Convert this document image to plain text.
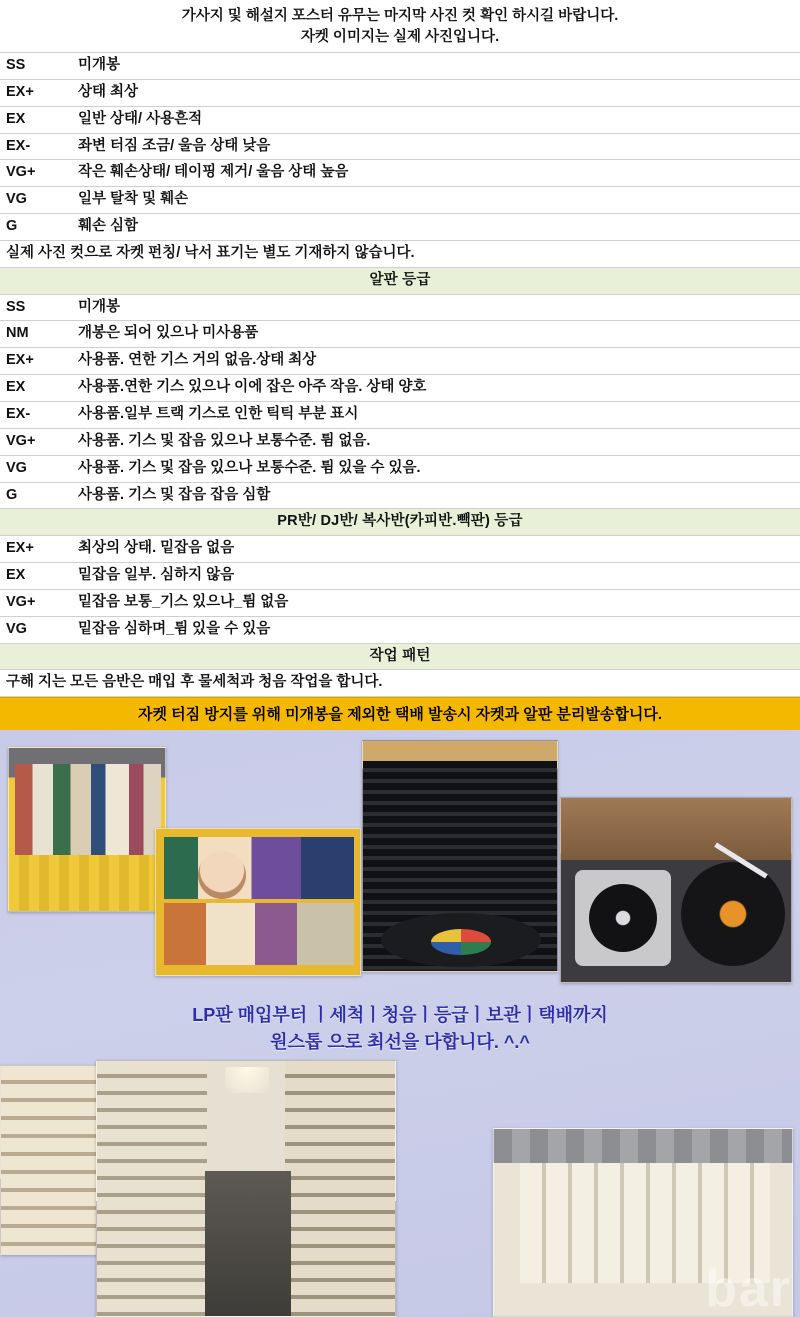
가사지 및 해설지 포스터 유무는 마지막 사진 컷 확인 하시길 바랍니다.
자켓 이미지는 실제 사진입니다.
SS	미개봉
EX+	상태 최상
EX	일반 상태/ 사용흔적
EX-	좌변 터짐 조금/ 울음 상태 낮음
VG+	작은 훼손상태/ 테이핑 제거/ 울음 상태 높음
VG	일부 탈착 및 훼손
G	훼손 심함
실제 사진 컷으로 자켓 펀칭/ 낙서 표기는 별도 기재하지 않습니다.	
알판 등급	
SS	미개봉
NM	개봉은 되어 있으나 미사용품
EX+	사용품. 연한 기스 거의 없음.상태 최상
EX	사용품.연한 기스 있으나 이에 잡은 아주 작음. 상태 양호
EX-	사용품.일부 트랙 기스로 인한 틱틱 부분 표시
VG+	사용품. 기스 및 잡음 있으나 보통수준. 튐 없음.
VG	사용품. 기스 및 잡음 있으나 보통수준. 튐 있을 수 있음.
G	사용품. 기스 및 잡음 잡음 심함
PR반/ DJ반/ 복사반(카피반.빽판) 등급	
EX+	최상의 상태. 밑잡음 없음
EX	밑잡음 일부. 심하지 않음
VG+	밑잡음 보통_기스 있으나_튐 없음
VG	밑잡음 심하며_튐 있을 수 있음
작업 패턴	
구해 지는 모든 음반은 매입 후 물세척과 청음 작업을 합니다.	
자켓 터짐 방지를 위해 미개봉을 제외한 택배 발송시 자켓과 알판 분리발송합니다.
LP판 매입부터 ㅣ세척ㅣ청음ㅣ등급ㅣ보관ㅣ택배까지
원스톱 으로 최선을 다합니다. ^.^
bar
